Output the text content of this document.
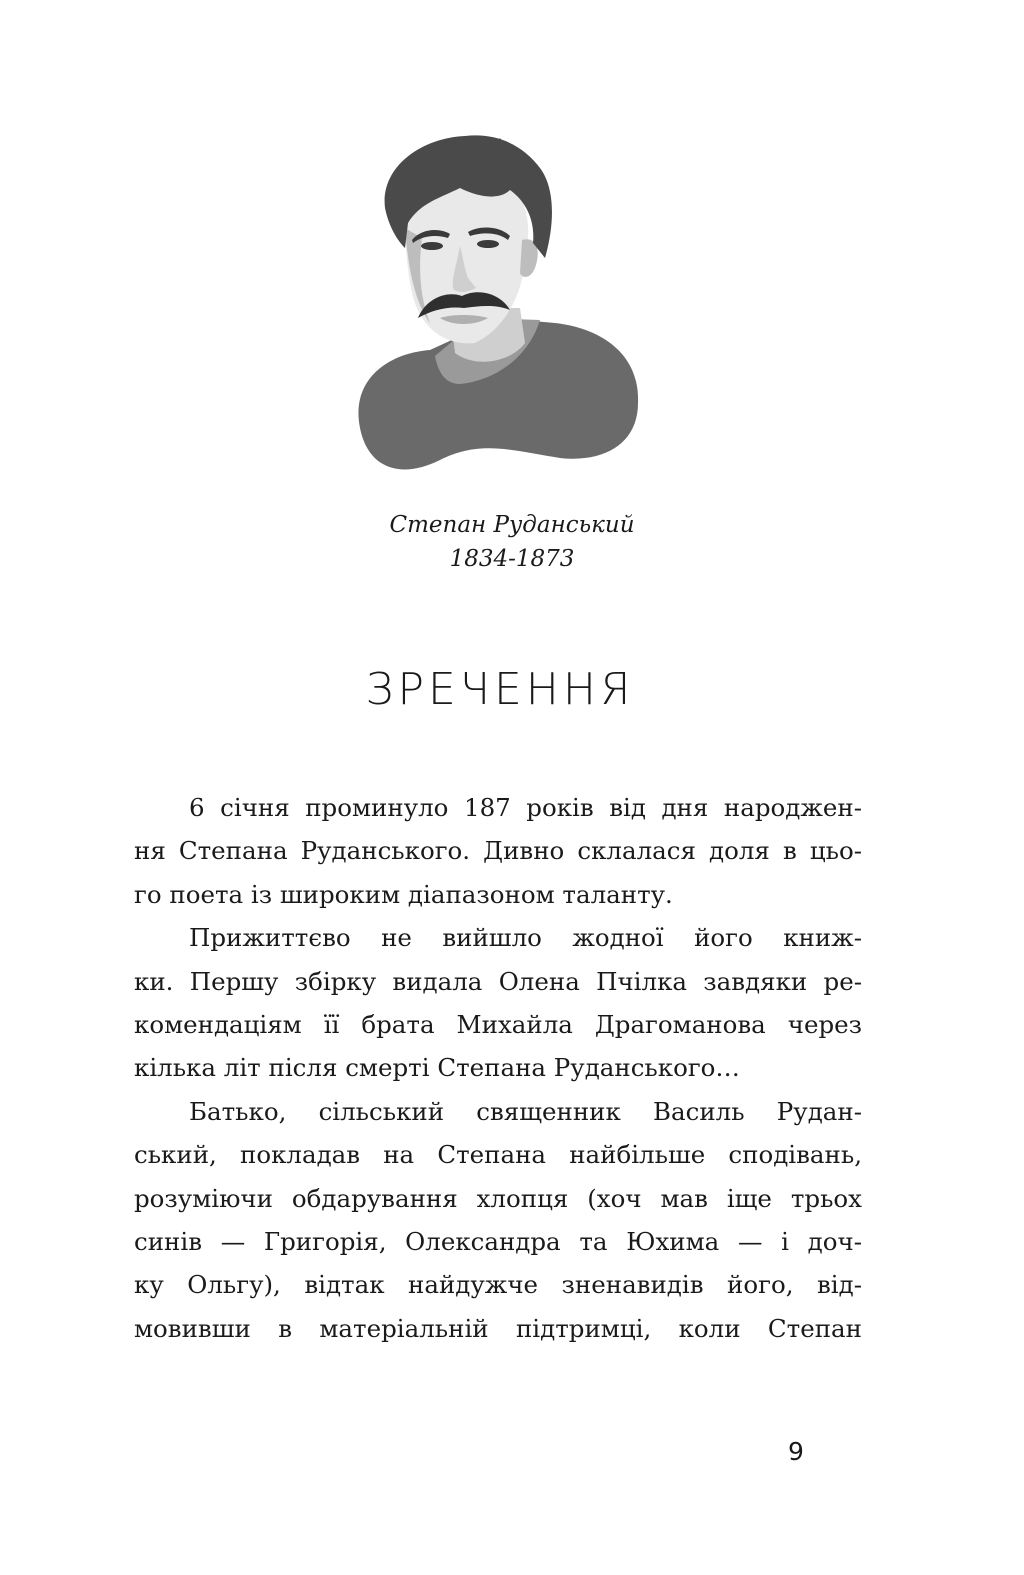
Степан Руданський
1834-1873
ЗРЕЧЕННЯ
6 січня проминуло 187 років від дня народжен-
ня Степана Руданського. Дивно склалася доля в цьо-
го поета із широким діапазоном таланту.
Прижиттєво не вийшло жодної його книж-
ки. Першу збірку видала Олена Пчілка завдяки ре-
комендаціям її брата Михайла Драгоманова через
кілька літ після смерті Степана Руданського…
Батько, сільський священник Василь Рудан-
ський, покладав на Степана найбільше сподівань,
розуміючи обдарування хлопця (хоч мав іще трьох
синів — Григорія, Олександра та Юхима — і доч-
ку Ольгу), відтак найдужче зненавидів його, від-
мовивши в матеріальній підтримці, коли Степан
9
